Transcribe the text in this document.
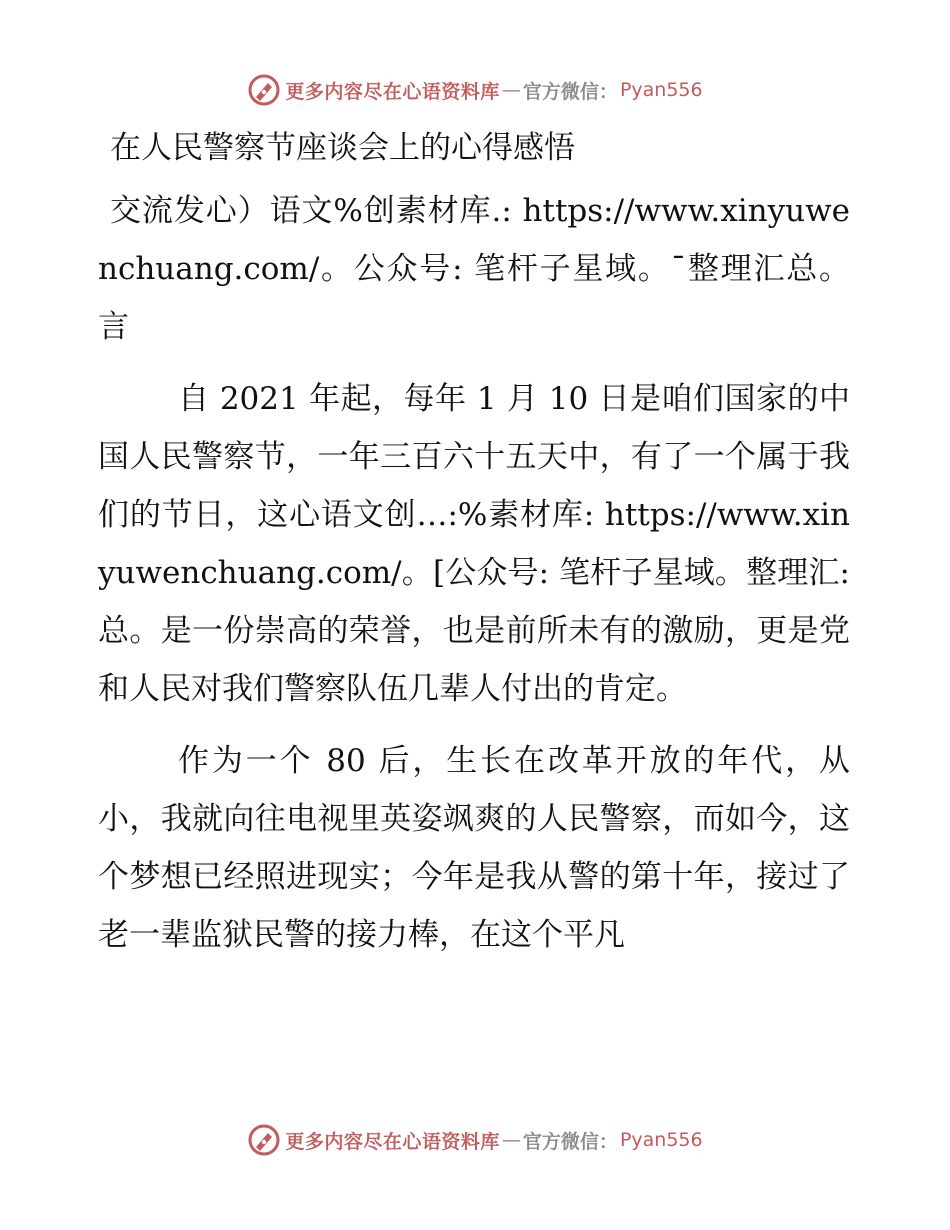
更多内容尽在心语资料库 — 官方微信： Pyan556
在人民警察节座谈会上的心得感悟

交流发心）语文%创素材库.: https://www.xinyuwenchuang.com/。公众号: 笔杆子星域。¯整理汇总。言

自 2021 年起，每年 1 月 10 日是咱们国家的中国人民警察节，一年三百六十五天中，有了一个属于我们的节日，这心语文创…:%素材库: https://www.xinyuwenchuang.com/。[公众号: 笔杆子星域。整理汇:总。是一份崇高的荣誉，也是前所未有的激励，更是党和人民对我们警察队伍几辈人付出的肯定。

作为一个 80 后，生长在改革开放的年代，从小，我就向往电视里英姿飒爽的人民警察，而如今，这个梦想已经照进现实；今年是我从警的第十年，接过了老一辈监狱民警的接力棒，在这个平凡

更多内容尽在心语资料库 — 官方微信： Pyan556
